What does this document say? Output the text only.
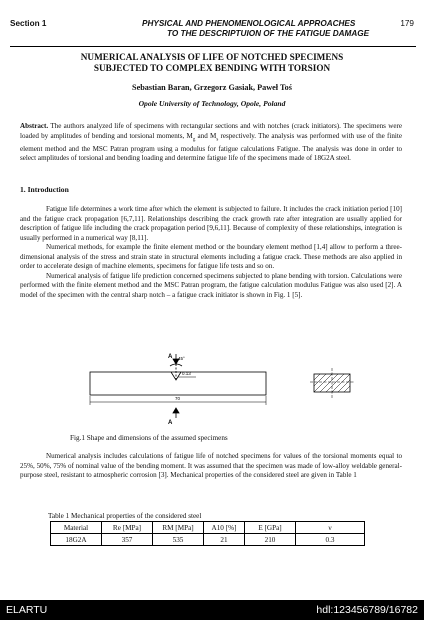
Section 1	PHYSICAL AND PHENOMENOLOGICAL APPROACHES	179
TO THE DESCRIPTUION OF THE FATIGUE DAMAGE
NUMERICAL ANALYSIS OF LIFE OF NOTCHED SPECIMENS
SUBJECTED TO COMPLEX BENDING WITH TORSION
Sebastian Baran, Grzegorz Gasiak, Paweł Toś
Opole University of Technology, Opole, Poland
Abstract. The authors analyzed life of specimens with rectangular sections and with notches (crack initiators). The specimens were loaded by amplitudes of bending and torsional moments, $M_g$ and $M_s$ respectively. The analysis was performed with use of the finite element method and the MSC Patran program using a modulus for fatigue calculations Fatigue. The analysis was done in order to select amplitudes of torsional and bending loading and determine fatigue life of the specimens made of 18G2A steel.
1. Introduction

Fatigue life determines a work time after which the element is subjected to failure. It includes the crack initiation period [10] and the fatigue crack propagation [6,7,11]. Relationships describing the crack growth rate after integration are usually applied for description of fatigue life including the crack propagation period [9,6,11]. Because of complexity of these relationships, integration is usually performed in a numerical way [8,11].

Numerical methods, for example the finite element method or the boundary element method [1,4] allow to perform a three-dimensional analysis of the stress and strain state in structural elements including a fatigue crack. These methods are also applied in order to accelerate design of machine elements, specimens for fatigue life tests and so on.

Numerical analysis of fatigue life prediction concerned specimens subjected to plane bending with torsion. Calculations were performed with the finite element method and the MSC Patran program, the fatigue calculation modulus Fatigue was also used [2]. A model of the specimen with the central sharp notch – a fatigue crack initiator is shown in Fig. 1 [5].

A 45°
0.13
70
A
Fig.1 Shape and dimensions of the assumed specimens

Numerical analysis includes calculations of fatigue life of notched specimens for values of the torsional moments equal to 25%, 50%, 75% of nominal value of the bending moment. It was assumed that the specimen was made of low-alloy weldable general-purpose steel, resistant to atmospheric corrosion [3]. Mechanical properties of the considered steel are given in Table 1

Table 1 Mechanical properties of the considered steel
Material	Re [MPa]	RM [MPa]	A10 [%]	E [GPa]	ν
18G2A	357	535	21	210	0.3
ELARTU	hdl:123456789/16782
